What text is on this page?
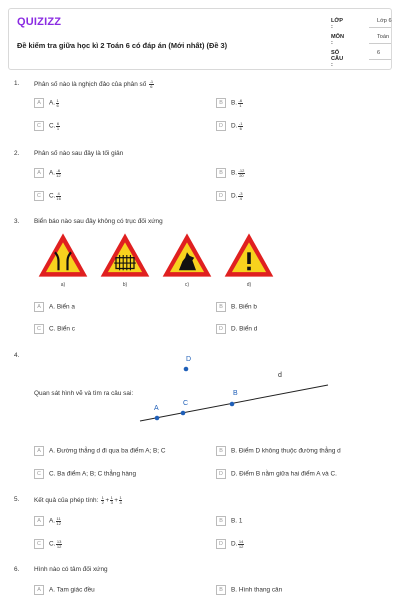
QUIZIZZ
Đề kiểm tra giữa học kì 2 Toán 6 có đáp án (Mới nhất) (Đề 3)
LỚP :
Lớp 6
MÔN :
Toán
SỐ CÂU :
6
1. Phân số nào là nghịch đảo của phân số $\frac{-1}{6}$
A A. $\frac{1}{6}$	B B. $\frac{-6}{1}$
C C. $\frac{6}{1}$	D D. $\frac{-1}{6}$
2. Phân số nào sau đây là tối giản
A A. $\frac{-6}{12}$	B B. $\frac{-12}{20}$
C C. $\frac{4}{16}$	D D. $\frac{-3}{4}$
3. Biển báo nào sau đây không có trục đối xứng
a)	b)	c)	d)
A A. Biển a	B B. Biển b
C C. Biển c	D D. Biển d
4.
Quan sát hình vẽ và tìm ra câu sai:
D
A
C
B
d
A A. Đường thẳng d đi qua ba điểm A; B; C	B B. Điểm D không thuộc đường thẳng d
C C. Ba điểm A; B; C thẳng hàng	D D. Điểm B nằm giữa hai điểm A và C.
5. Kết quả của phép tính: $\frac{1}{2} + \frac{1}{3} + \frac{1}{4}$
A A. $\frac{11}{12}$	B B. 1
C C. $\frac{13}{12}$	D D. $\frac{14}{12}$
6. Hình nào có tâm đối xứng
A A. Tam giác đều	B B. Hình thang cân
